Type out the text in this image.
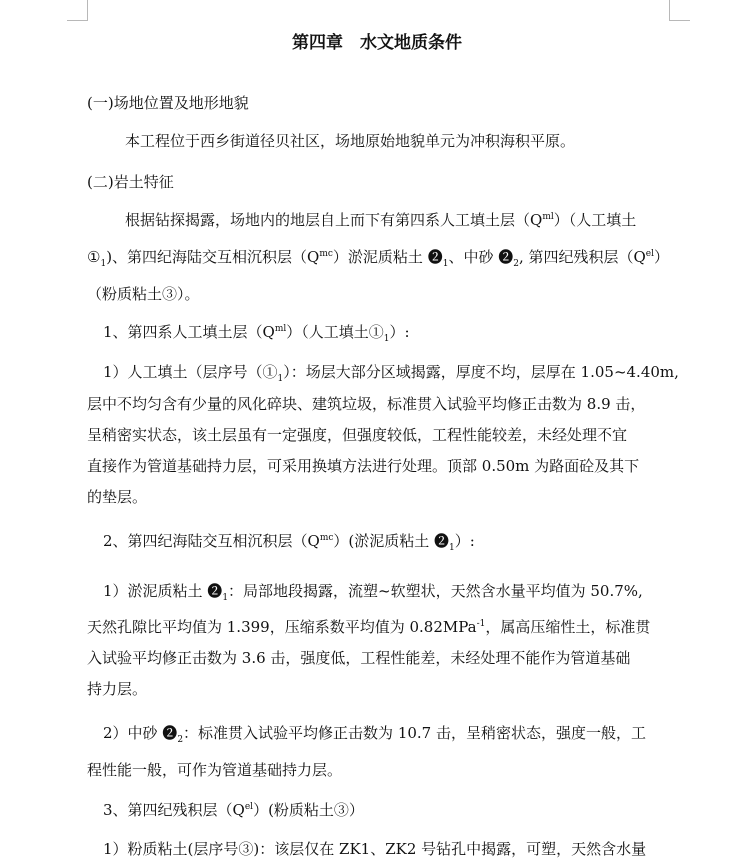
第四章　水文地质条件
(一)场地位置及地形地貌
本工程位于西乡街道径贝社区，场地原始地貌单元为冲积海积平原。
(二)岩土特征
根据钻探揭露，场地内的地层自上而下有第四系人工填土层$(Q^{ml})$（人工填土
$①_1$)、第四纪海陆交互相沉积层$(Q^{mc})$淤泥质粘土 $❷_1$、中砂 $❷_2$, 第四纪残积层$(Q^{el})$
（粉质粘土③）。
1、第四系人工填土层$(Q^{ml})$（人工填土$①_1$）:
1）人工填土（层序号$(①_1)$：场层大部分区域揭露，厚度不均，层厚在 1.05~4.40m,
层中不均匀含有少量的风化碎块、建筑垃圾，标准贯入试验平均修正击数为 8.9 击，
呈稍密实状态，该土层虽有一定强度，但强度较低，工程性能较差，未经处理不宜
直接作为管道基础持力层，可采用换填方法进行处理。顶部 0.50m 为路面砼及其下
的垫层。
2、第四纪海陆交互相沉积层$(Q^{mc})$(淤泥质粘土 $❷_1$）:
1）淤泥质粘土 $❷_1$：局部地段揭露，流塑~软塑状，天然含水量平均值为 50.7%,
天然孔隙比平均值为 1.399，压缩系数平均值为 0.82MPa$^{-1}$，属高压缩性土，标准贯
入试验平均修正击数为 3.6 击，强度低，工程性能差，未经处理不能作为管道基础
持力层。
2）中砂 $❷_2$：标准贯入试验平均修正击数为 10.7 击，呈稍密状态，强度一般，工
程性能一般，可作为管道基础持力层。
3、第四纪残积层$(Q^{el})$(粉质粘土③）
1）粉质粘土(层序号③)：该层仅在 ZK1、ZK2 号钻孔中揭露，可塑，天然含水量
